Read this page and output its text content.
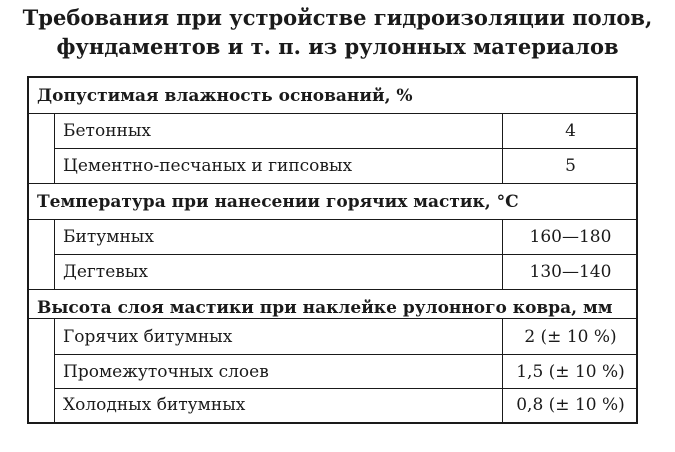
Требования при устройстве гидроизоляции полов,
фундаментов и т. п. из рулонных материалов
Допустимая влажность оснований, %
Бетонных	4
Цементно-песчаных и гипсовых	5
Температура при нанесении горячих мастик, °С
Битумных	160—180
Дегтевых	130—140
Высота слоя мастики при наклейке рулонного ковра, мм
Горячих битумных	2 (± 10 %)
Промежуточных слоев	1,5 (± 10 %)
Холодных битумных	0,8 (± 10 %)
